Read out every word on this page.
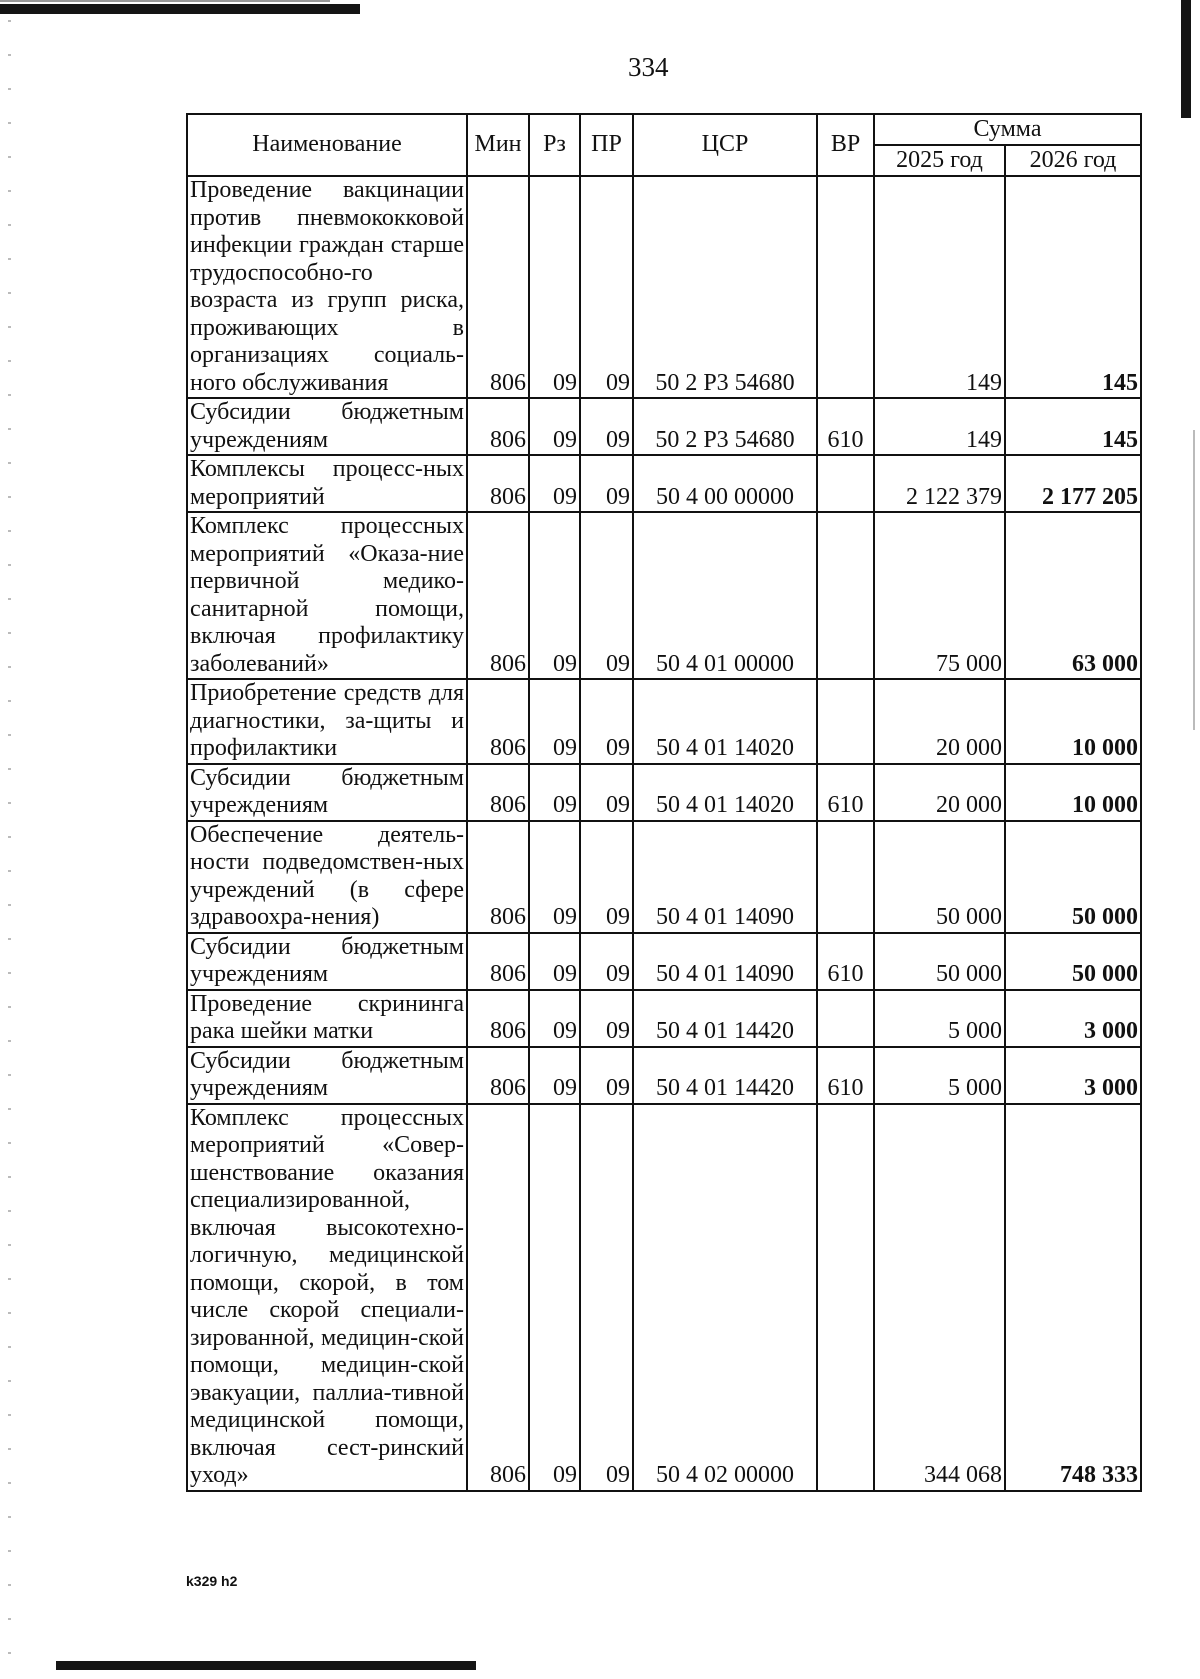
334
Наименование	Мин	Рз	ПР	ЦСР	ВР	Сумма	
						2025 год	2026 год
Проведение вакцинации против пневмококковой инфекции граждан старше трудоспособно-го возраста из групп риска, проживающих в организациях социаль-ного обслуживания	806	09	09	50 2 Р3 54680		149	145
Субсидии бюджетным учреждениям	806	09	09	50 2 Р3 54680	610	149	145
Комплексы процесс-ных мероприятий	806	09	09	50 4 00 00000		2 122 379	2 177 205
Комплекс процессных мероприятий «Оказа-ние первичной медико-санитарной помощи, включая профилактику заболеваний»	806	09	09	50 4 01 00000		75 000	63 000
Приобретение средств для диагностики, за-щиты и профилактики	806	09	09	50 4 01 14020		20 000	10 000
Субсидии бюджетным учреждениям	806	09	09	50 4 01 14020	610	20 000	10 000
Обеспечение деятель-ности подведомствен-ных учреждений (в сфере здравоохра-нения)	806	09	09	50 4 01 14090		50 000	50 000
Субсидии бюджетным учреждениям	806	09	09	50 4 01 14090	610	50 000	50 000
Проведение скрининга рака шейки матки	806	09	09	50 4 01 14420		5 000	3 000
Субсидии бюджетным учреждениям	806	09	09	50 4 01 14420	610	5 000	3 000
Комплекс процессных мероприятий «Совер-шенствование оказания специализированной, включая высокотехно-логичную, медицинской помощи, скорой, в том числе скорой специали-зированной, медицин-ской помощи, медицин-ской эвакуации, паллиа-тивной медицинской помощи, включая сест-ринский уход»	806	09	09	50 4 02 00000		344 068	748 333
k329 h2
